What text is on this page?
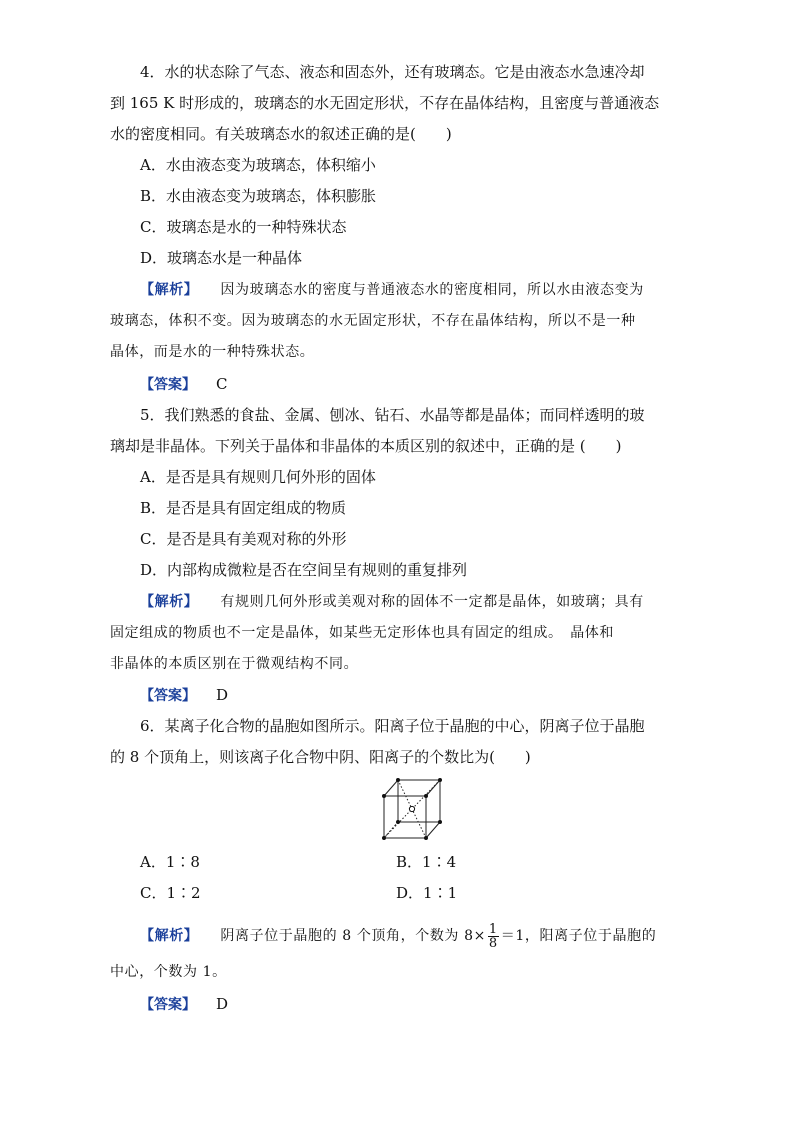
4．水的状态除了气态、液态和固态外，还有玻璃态。它是由液态水急速冷却
到 165 K 时形成的，玻璃态的水无固定形状，不存在晶体结构，且密度与普通液态
水的密度相同。有关玻璃态水的叙述正确的是(　　)
A．水由液态变为玻璃态，体积缩小
B．水由液态变为玻璃态，体积膨胀
C．玻璃态是水的一种特殊状态
D．玻璃态水是一种晶体
【解析】 因为玻璃态水的密度与普通液态水的密度相同，所以水由液态变为
玻璃态，体积不变。因为玻璃态的水无固定形状，不存在晶体结构，所以不是一种
晶体，而是水的一种特殊状态。
【答案】 C
5．我们熟悉的食盐、金属、刨冰、钻石、水晶等都是晶体；而同样透明的玻
璃却是非晶体。下列关于晶体和非晶体的本质区别的叙述中，正确的是 (　　)
A．是否是具有规则几何外形的固体
B．是否是具有固定组成的物质
C．是否是具有美观对称的外形
D．内部构成微粒是否在空间呈有规则的重复排列
【解析】 有规则几何外形或美观对称的固体不一定都是晶体，如玻璃；具有
固定组成的物质也不一定是晶体，如某些无定形体也具有固定的组成。　晶体和
非晶体的本质区别在于微观结构不同。
【答案】 D
6．某离子化合物的晶胞如图所示。阳离子位于晶胞的中心，阴离子位于晶胞
的 8 个顶角上，则该离子化合物中阴、阳离子的个数比为(　　)
A．1∶8	B．1∶4
C．1∶2	D．1∶1
【解析】 阴离子位于晶胞的 8 个顶角，个数为 $8\times \frac{1}{8} =1$，阳离子位于晶胞的
中心，个数为 1。
【答案】 D
